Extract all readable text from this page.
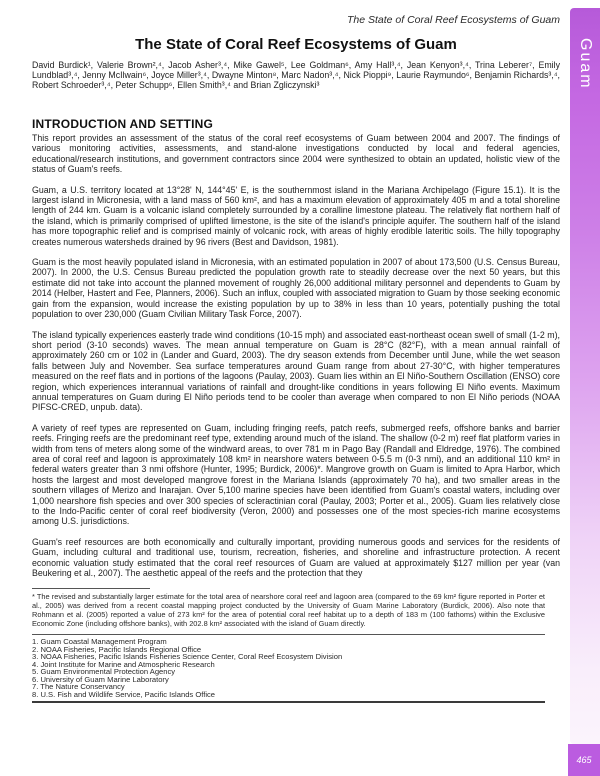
The State of Coral Reef Ecosystems of Guam
Guam
The State of Coral Reef Ecosystems of Guam

David Burdick¹, Valerie Brown²,⁴, Jacob Asher³,⁴, Mike Gawel⁵, Lee Goldman⁶, Amy Hall³,⁴, Jean Kenyon³,⁴, Trina Leberer⁷, Emily Lundblad³,⁴, Jenny McIlwain⁶, Joyce Miller³,⁴, Dwayne Minton⁸, Marc Nadon³,⁴, Nick Pioppi⁹, Laurie Raymundo⁶, Benjamin Richards³,⁴, Robert Schroeder³,⁴, Peter Schupp⁶, Ellen Smith³,⁴ and Brian Zgliczynski³

INTRODUCTION AND SETTING

This report provides an assessment of the status of the coral reef ecosystems of Guam between 2004 and 2007. The findings of various monitoring activities, assessments, and stand-alone investigations conducted by local and federal agencies, educational/research institutions, and government contractors since 2004 were synthesized to obtain an updated, holistic view of the status of Guam's reefs.

Guam, a U.S. territory located at 13°28' N, 144°45' E, is the southernmost island in the Mariana Archipelago (Figure 15.1). It is the largest island in Micronesia, with a land mass of 560 km², and has a maximum elevation of approximately 405 m and a total shoreline length of 244 km. Guam is a volcanic island completely surrounded by a coralline limestone plateau. The relatively flat northern half of the island, which is primarily comprised of uplifted limestone, is the site of the island's principle aquifer. The southern half of the island has more topographic relief and is comprised mainly of volcanic rock, with areas of highly erodible lateritic soils. The hilly topography creates numerous watersheds drained by 96 rivers (Best and Davidson, 1981).

Guam is the most heavily populated island in Micronesia, with an estimated population in 2007 of about 173,500 (U.S. Census Bureau, 2007). In 2000, the U.S. Census Bureau predicted the population growth rate to steadily decrease over the next 50 years, but this estimate did not take into account the planned movement of roughly 26,000 additional military personnel and dependents to Guam by 2014 (Helber, Hastert and Fee, Planners, 2006). Such an influx, coupled with associated migration to Guam by those seeking economic gain from the expansion, would increase the existing population by up to 38% in less than 10 years, potentially pushing the total population to over 230,000 (Guam Civilian Military Task Force, 2007).

The island typically experiences easterly trade wind conditions (10-15 mph) and associated east-northeast ocean swell of small (1-2 m), short period (3-10 seconds) waves. The mean annual temperature on Guam is 28°C (82°F), with a mean annual rainfall of approximately 260 cm or 102 in (Lander and Guard, 2003). The dry season extends from December until June, while the wet season falls between July and November. Sea surface temperatures around Guam range from about 27-30°C, with higher temperatures measured on the reef flats and in portions of the lagoons (Paulay, 2003). Guam lies within an El Niño-Southern Oscillation (ENSO) core region, which experiences interannual variations of rainfall and drought-like conditions in years following El Niño events. Maximum annual temperatures on Guam during El Niño periods tend to be cooler than average when compared to non El Niño periods (NOAA PIFSC-CRED, unpub. data).

A variety of reef types are represented on Guam, including fringing reefs, patch reefs, submerged reefs, offshore banks and barrier reefs. Fringing reefs are the predominant reef type, extending around much of the island. The shallow (0-2 m) reef flat platform varies in width from tens of meters along some of the windward areas, to over 781 m in Pago Bay (Randall and Eldredge, 1976). The combined area of coral reef and lagoon is approximately 108 km² in nearshore waters between 0-5.5 m (0-3 nmi), and an additional 110 km² in federal waters greater than 3 nmi offshore (Hunter, 1995; Burdick, 2006)*. Mangrove growth on Guam is limited to Apra Harbor, which hosts the largest and most developed mangrove forest in the Mariana Islands (approximately 70 ha), and two smaller areas in the southern villages of Merizo and Inarajan. Over 5,100 marine species have been identified from Guam's coastal waters, including over 1,000 nearshore fish species and over 300 species of scleractinian coral (Paulay, 2003; Porter et al., 2005). Guam lies relatively close to the Indo-Pacific center of coral reef biodiversity (Veron, 2000) and possesses one of the most species-rich marine ecosystems among U.S. jurisdictions.

Guam's reef resources are both economically and culturally important, providing numerous goods and services for the residents of Guam, including cultural and traditional use, tourism, recreation, fisheries, and shoreline and infrastructure protection. A recent economic valuation study estimated that the coral reef resources of Guam are valued at approximately $127 million per year (van Beukering et al., 2007). The aesthetic appeal of the reefs and the protection that they

* The revised and substantially larger estimate for the total area of nearshore coral reef and lagoon area (compared to the 69 km² figure reported in Porter et al., 2005) was derived from a recent coastal mapping project conducted by the University of Guam Marine Laboratory (Burdick, 2006). Also note that Rohmann et al. (2005) reported a value of 273 km² for the area of potential coral reef habitat up to a depth of 183 m (100 fathoms) within the Exclusive Economic Zone (including offshore banks), with 202.8 km² associated with the island of Guam directly.

1. Guam Coastal Management Program
2. NOAA Fisheries, Pacific Islands Regional Office
3. NOAA Fisheries, Pacific Islands Fisheries Science Center, Coral Reef Ecosystem Division
4. Joint Institute for Marine and Atmospheric Research
5. Guam Environmental Protection Agency
6. University of Guam Marine Laboratory
7. The Nature Conservancy
8. U.S. Fish and Wildlife Service, Pacific Islands Office
465
